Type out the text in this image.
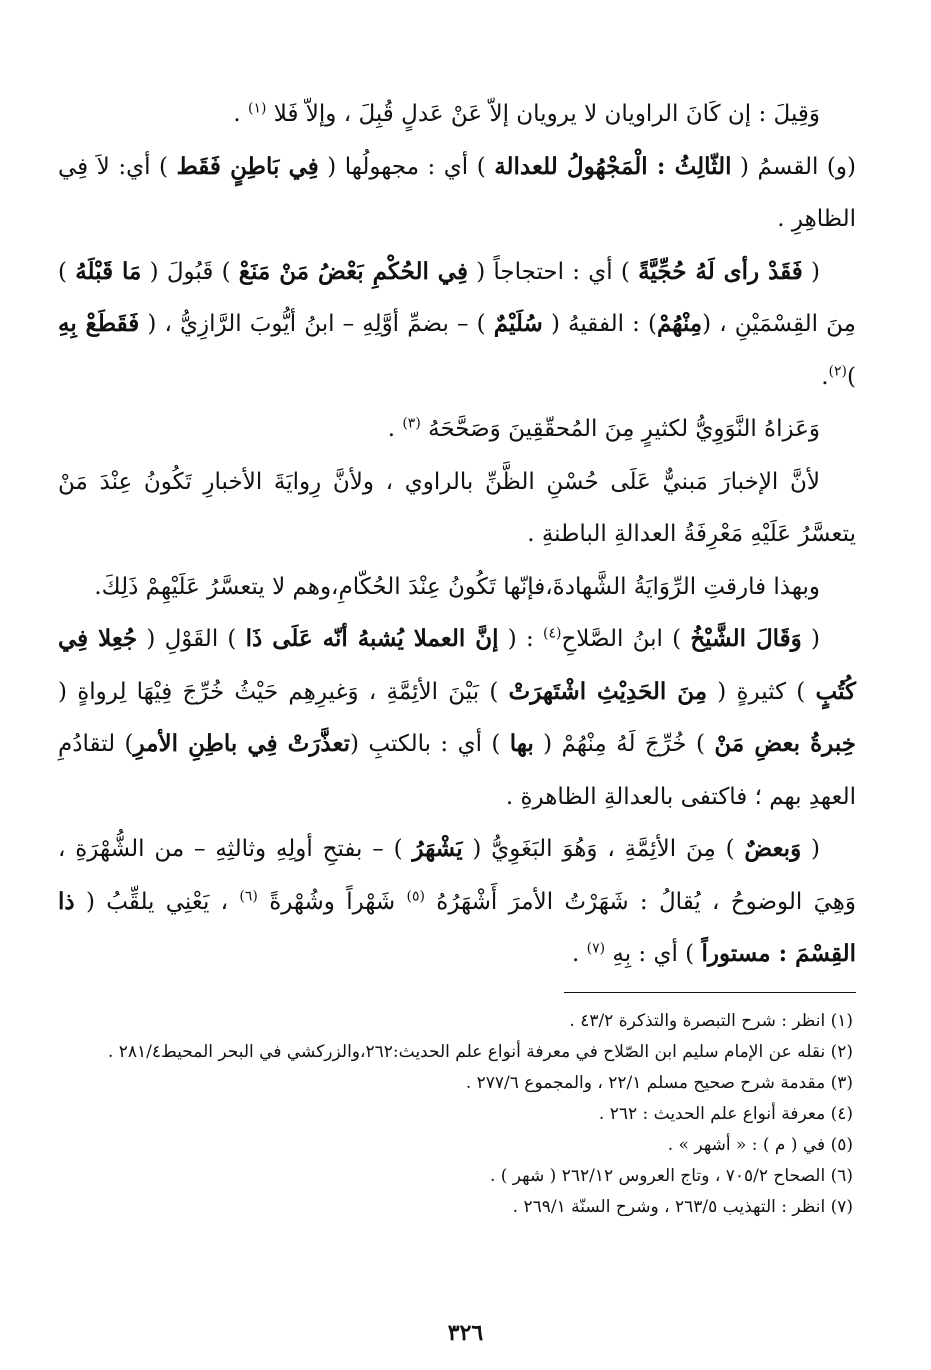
وَقِيلَ : إن كَانَ الراويان لا يرويان إلاّ عَنْ عَدلٍ قُبِلَ ، وإلاّ فَلا $^{(١)}$ .

(و) القسمُ ( الثّالِثُ : الْمَجْهُولُ للعدالة ) أي : مجهولُها ( فِي بَاطِنٍ فَقَط ) أي: لاَ فِي الظاهِرِ .

( فَقَدْ رأى لَهُ حُجِّيَّةً ) أي : احتجاجاً ( فِي الحُكْمِ بَعْضُ مَنْ مَنَعْ ) قَبُولَ ( مَا قَبْلَهُ ) مِنَ القِسْمَيْنِ ، (مِنْهُمْ) : الفقيهُ ( سُلَيْمٌ ) – بضمِّ أوَّلِهِ – ابنُ أيُّوبَ الرَّازِيُّ ، ( فَقَطَعْ بِهِ )$^{(٢)}$.

وَعَزاهُ النَّوَوِيُّ لكثيرٍ مِنَ المُحقّقِينَ وَصَحَّحَهُ $^{(٣)}$ .

لأنَّ الإخبارَ مَبنيٌّ عَلَى حُسْنِ الظَّنِّ بالراوي ، ولأنَّ رِوايَةَ الأخبارِ تَكُونُ عِنْدَ مَنْ يتعسَّرُ عَلَيْهِ مَعْرِفَةُ العدالةِ الباطنةِ .

وبهذا فارقتِ الرِّوَايَةُ الشَّهادةَ،فإنّها تَكُونُ عِنْدَ الحُكّامِ،وهم لا يتعسَّرُ عَلَيْهِمْ ذَلِكَ.

( وَقَالَ الشَّيْخُ ) ابنُ الصَّلاحِ$^{(٤)}$ : ( إنَّ العملا يُشبهُ أنّه عَلَى ذَا ) القَوْلِ ( جُعِلا فِي كُتُبٍ ) كثيرةٍ ( مِنَ الحَدِيْثِ اشْتَهرَتْ ) بَيْنَ الأئِمَّةِ ، وَغيرِهِم حَيْثُ خُرِّجَ فِيْهَا لِرواةٍ ( خِبرةُ بعضِ مَنْ ) خُرِّجَ لَهُ مِنْهُمْ ( بها ) أي : بالكتبِ (تعذَّرَتْ فِي باطِنِ الأمرِ) لتقادُمِ العهدِ بهم ؛ فاكتفى بالعدالةِ الظاهرةِ .

( وَبعضٌ ) مِنَ الأئِمَّةِ ، وَهُوَ البَغَوِيُّ ( يَشْهَرُ ) – بفتحِ أولِهِ وثالثِهِ – من الشُّهْرَةِ ، وَهِيَ الوضوحُ ، يُقالُ : شَهَرْتُ الأمرَ أَشْهَرُهُ $^{(٥)}$ شَهْراً وشُهْرةً $^{(٦)}$ ، يَعْنِي يلقِّبُ ( ذا القِسْمَ : مستوراً ) أي : بِهِ $^{(٧)}$ .

(١) انظر : شرح التبصرة والتذكرة ٤٣/٢ .
(٢) نقله عن الإمام سليم ابن الصّلاح في معرفة أنواع علم الحديث:٢٦٢،والزركشي في البحر المحيط٢٨١/٤ .
(٣) مقدمة شرح صحيح مسلم ٢٢/١ ، والمجموع ٢٧٧/٦ .
(٤) معرفة أنواع علم الحديث : ٢٦٢ .
(٥) في ( م ) : « أشهر » .
(٦) الصحاح ٧٠٥/٢ ، وتاج العروس ٢٦٢/١٢ ( شهر ) .
(٧) انظر : التهذيب ٢٦٣/٥ ، وشرح السنّة ٢٦٩/١ .
٣٢٦
